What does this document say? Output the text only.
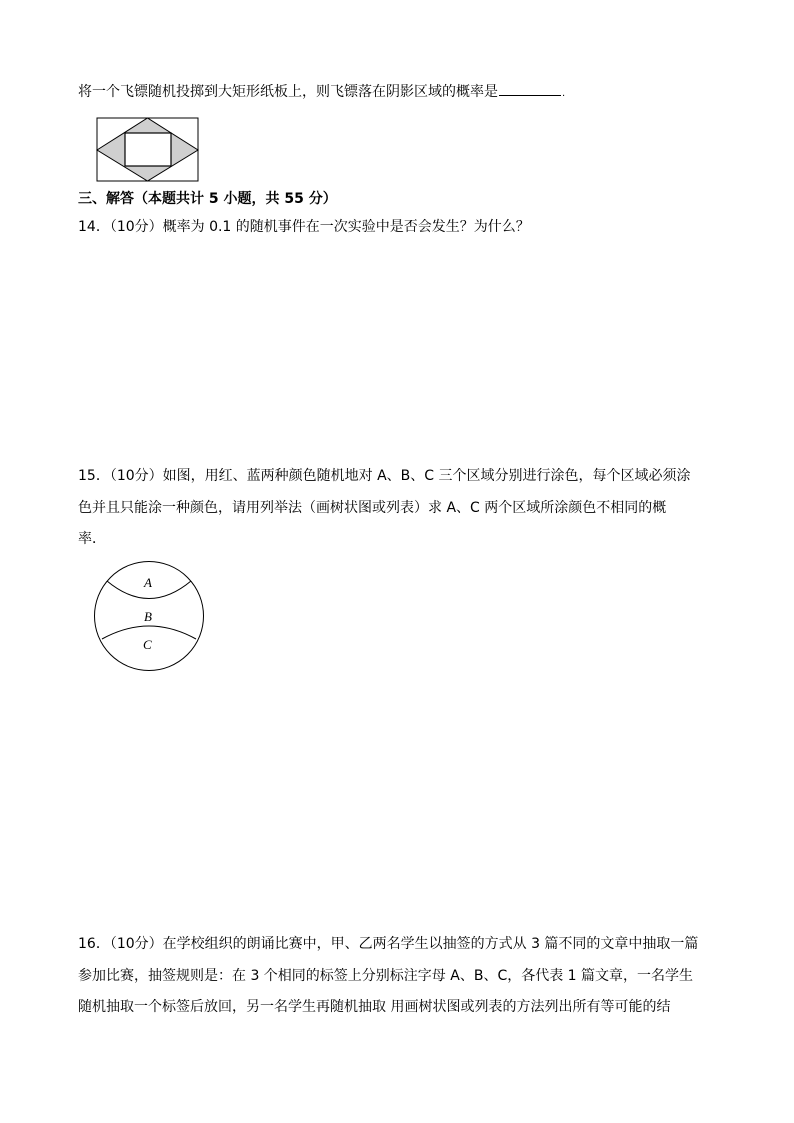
将一个飞镖随机投掷到大矩形纸板上，则飞镖落在阴影区域的概率是	.
三、解答（本题共计 5 小题，共 55 分）
14．（10分）概率为 0.1 的随机事件在一次实验中是否会发生？为什么？
15．（10分）如图，用红、蓝两种颜色随机地对 A、B、C 三个区域分别进行涂色，每个区域必须涂
色并且只能涂一种颜色，请用列举法（画树状图或列表）求 A、C 两个区域所涂颜色不相同的概
率．
A
B
C
16．（10分）在学校组织的朗诵比赛中，甲、乙两名学生以抽签的方式从 3 篇不同的文章中抽取一篇
参加比赛，抽签规则是：在 3 个相同的标签上分别标注字母 A、B、C，各代表 1 篇文章，一名学生
随机抽取一个标签后放回，另一名学生再随机抽取 用画树状图或列表的方法列出所有等可能的结
